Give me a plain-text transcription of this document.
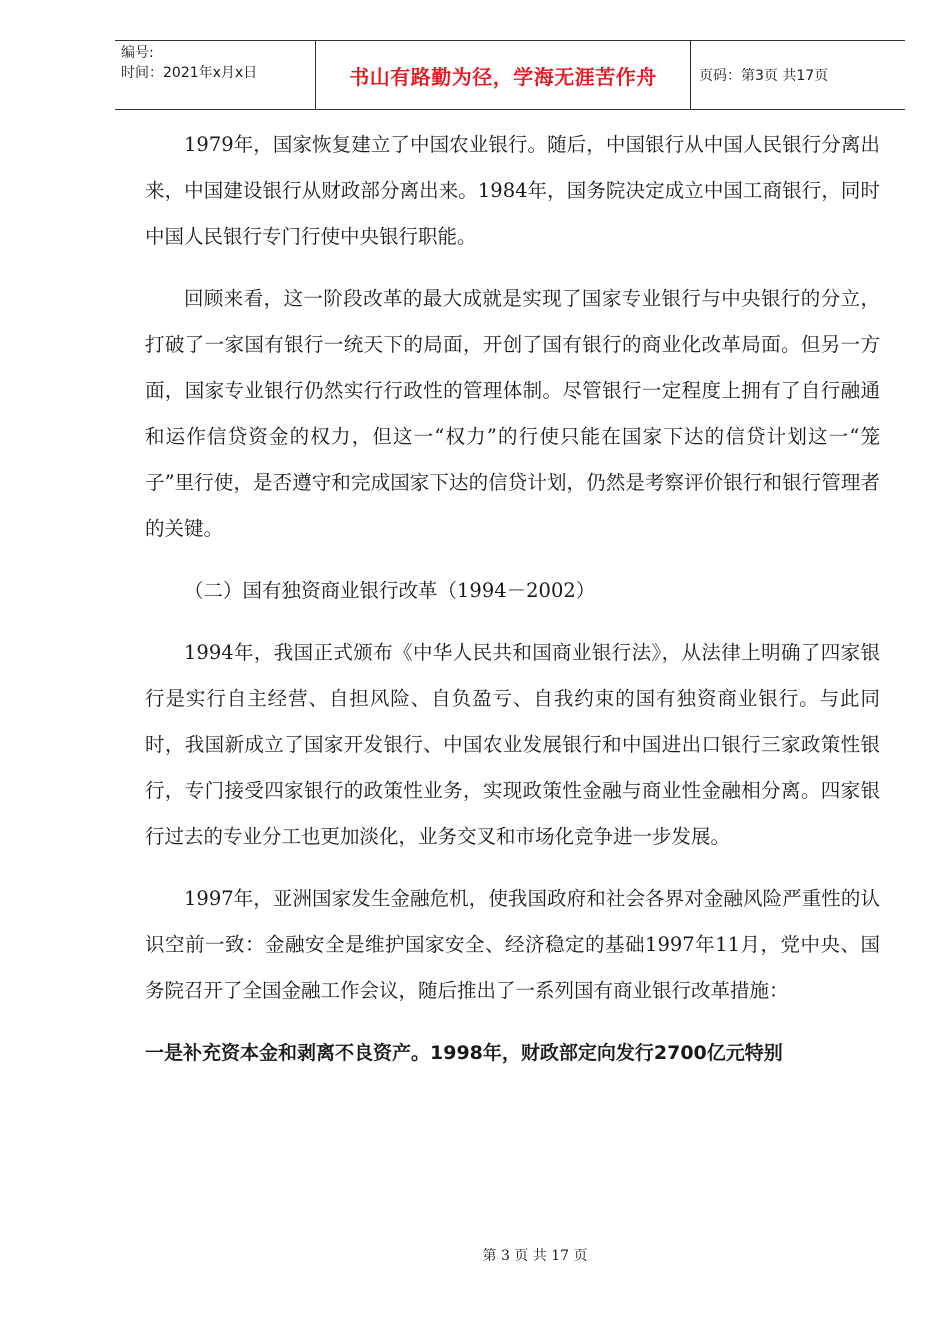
编号:
时间：2021年x月x日	书山有路勤为径，学海无涯苦作舟	页码：第3页 共17页

1979年，国家恢复建立了中国农业银行。随后，中国银行从中国人民银行分离出来，中国建设银行从财政部分离出来。1984年，国务院决定成立中国工商银行，同时中国人民银行专门行使中央银行职能。

回顾来看，这一阶段改革的最大成就是实现了国家专业银行与中央银行的分立，打破了一家国有银行一统天下的局面，开创了国有银行的商业化改革局面。但另一方面，国家专业银行仍然实行行政性的管理体制。尽管银行一定程度上拥有了自行融通和运作信贷资金的权力，但这一“权力”的行使只能在国家下达的信贷计划这一“笼子”里行使，是否遵守和完成国家下达的信贷计划，仍然是考察评价银行和银行管理者的关键。

（二）国有独资商业银行改革（1994－2002）

1994年，我国正式颁布《中华人民共和国商业银行法》，从法律上明确了四家银行是实行自主经营、自担风险、自负盈亏、自我约束的国有独资商业银行。与此同时，我国新成立了国家开发银行、中国农业发展银行和中国进出口银行三家政策性银行，专门接受四家银行的政策性业务，实现政策性金融与商业性金融相分离。四家银行过去的专业分工也更加淡化，业务交叉和市场化竞争进一步发展。

1997年，亚洲国家发生金融危机，使我国政府和社会各界对金融风险严重性的认识空前一致：金融安全是维护国家安全、经济稳定的基础1997年11月，党中央、国务院召开了全国金融工作会议，随后推出了一系列国有商业银行改革措施：

一是补充资本金和剥离不良资产。1998年，财政部定向发行2700亿元特别

第 3 页 共 17 页
